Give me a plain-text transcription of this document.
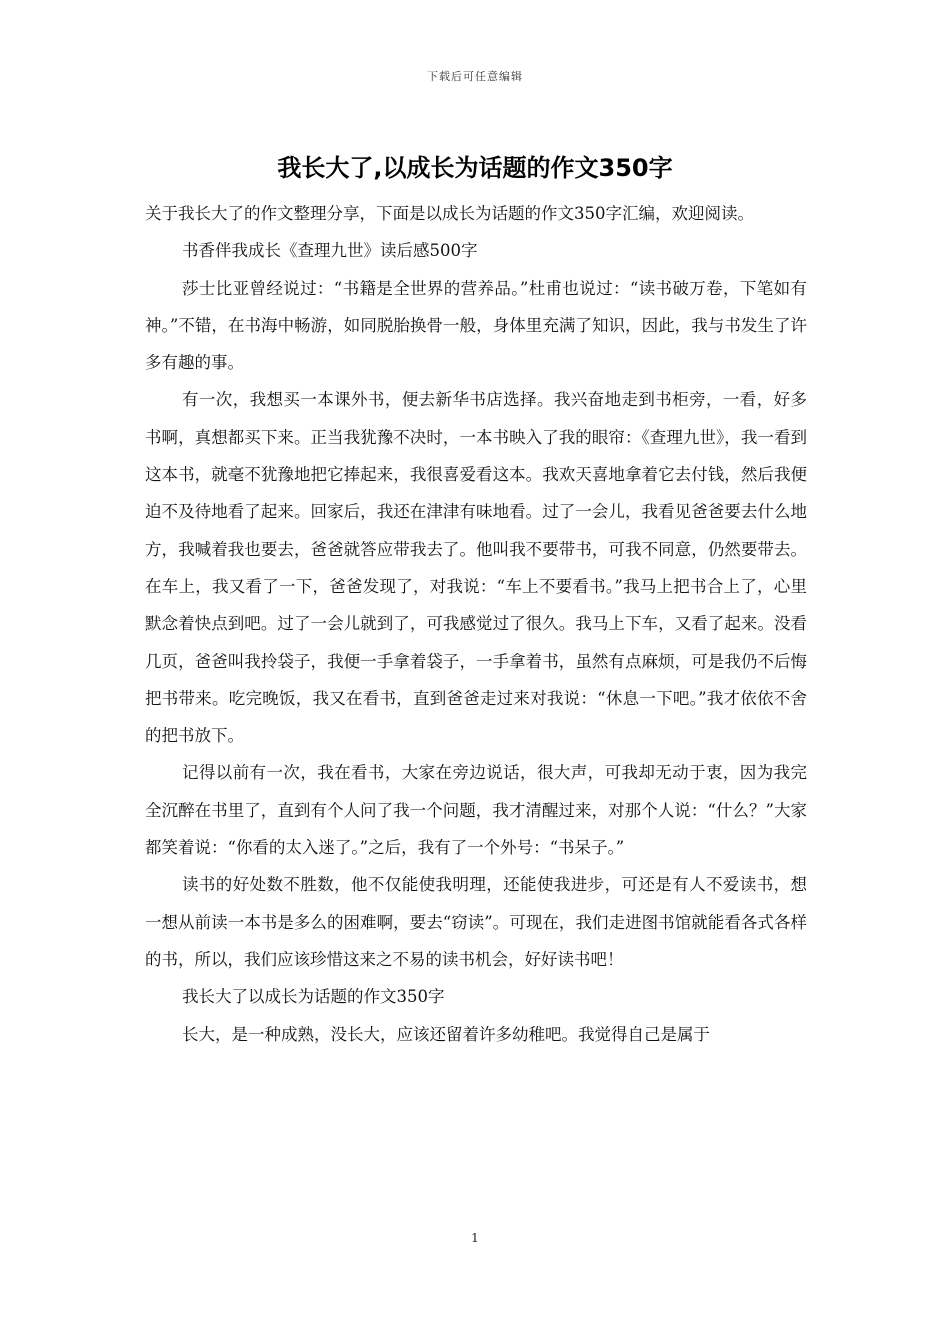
下载后可任意编辑
我长大了,以成长为话题的作文350字

关于我长大了的作文整理分享，下面是以成长为话题的作文350字汇编，欢迎阅读。

书香伴我成长《查理九世》读后感500字

莎士比亚曾经说过：“书籍是全世界的营养品。”杜甫也说过：“读书破万卷，下笔如有神。”不错，在书海中畅游，如同脱胎换骨一般，身体里充满了知识，因此，我与书发生了许多有趣的事。

有一次，我想买一本课外书，便去新华书店选择。我兴奋地走到书柜旁，一看，好多书啊，真想都买下来。正当我犹豫不决时，一本书映入了我的眼帘：《查理九世》，我一看到这本书，就毫不犹豫地把它捧起来，我很喜爱看这本。我欢天喜地拿着它去付钱，然后我便迫不及待地看了起来。回家后，我还在津津有味地看。过了一会儿，我看见爸爸要去什么地方，我喊着我也要去，爸爸就答应带我去了。他叫我不要带书，可我不同意，仍然要带去。在车上，我又看了一下，爸爸发现了，对我说：“车上不要看书。”我马上把书合上了，心里默念着快点到吧。过了一会儿就到了，可我感觉过了很久。我马上下车，又看了起来。没看几页，爸爸叫我拎袋子，我便一手拿着袋子，一手拿着书，虽然有点麻烦，可是我仍不后悔把书带来。吃完晚饭，我又在看书，直到爸爸走过来对我说：“休息一下吧。”我才依依不舍的把书放下。

记得以前有一次，我在看书，大家在旁边说话，很大声，可我却无动于衷，因为我完全沉醉在书里了，直到有个人问了我一个问题，我才清醒过来，对那个人说：“什么？”大家都笑着说：“你看的太入迷了。”之后，我有了一个外号：“书呆子。”

读书的好处数不胜数，他不仅能使我明理，还能使我进步，可还是有人不爱读书，想一想从前读一本书是多么的困难啊，要去“窃读”。可现在，我们走进图书馆就能看各式各样的书，所以，我们应该珍惜这来之不易的读书机会，好好读书吧！

我长大了以成长为话题的作文350字

长大，是一种成熟，没长大，应该还留着许多幼稚吧。我觉得自己是属于

1
